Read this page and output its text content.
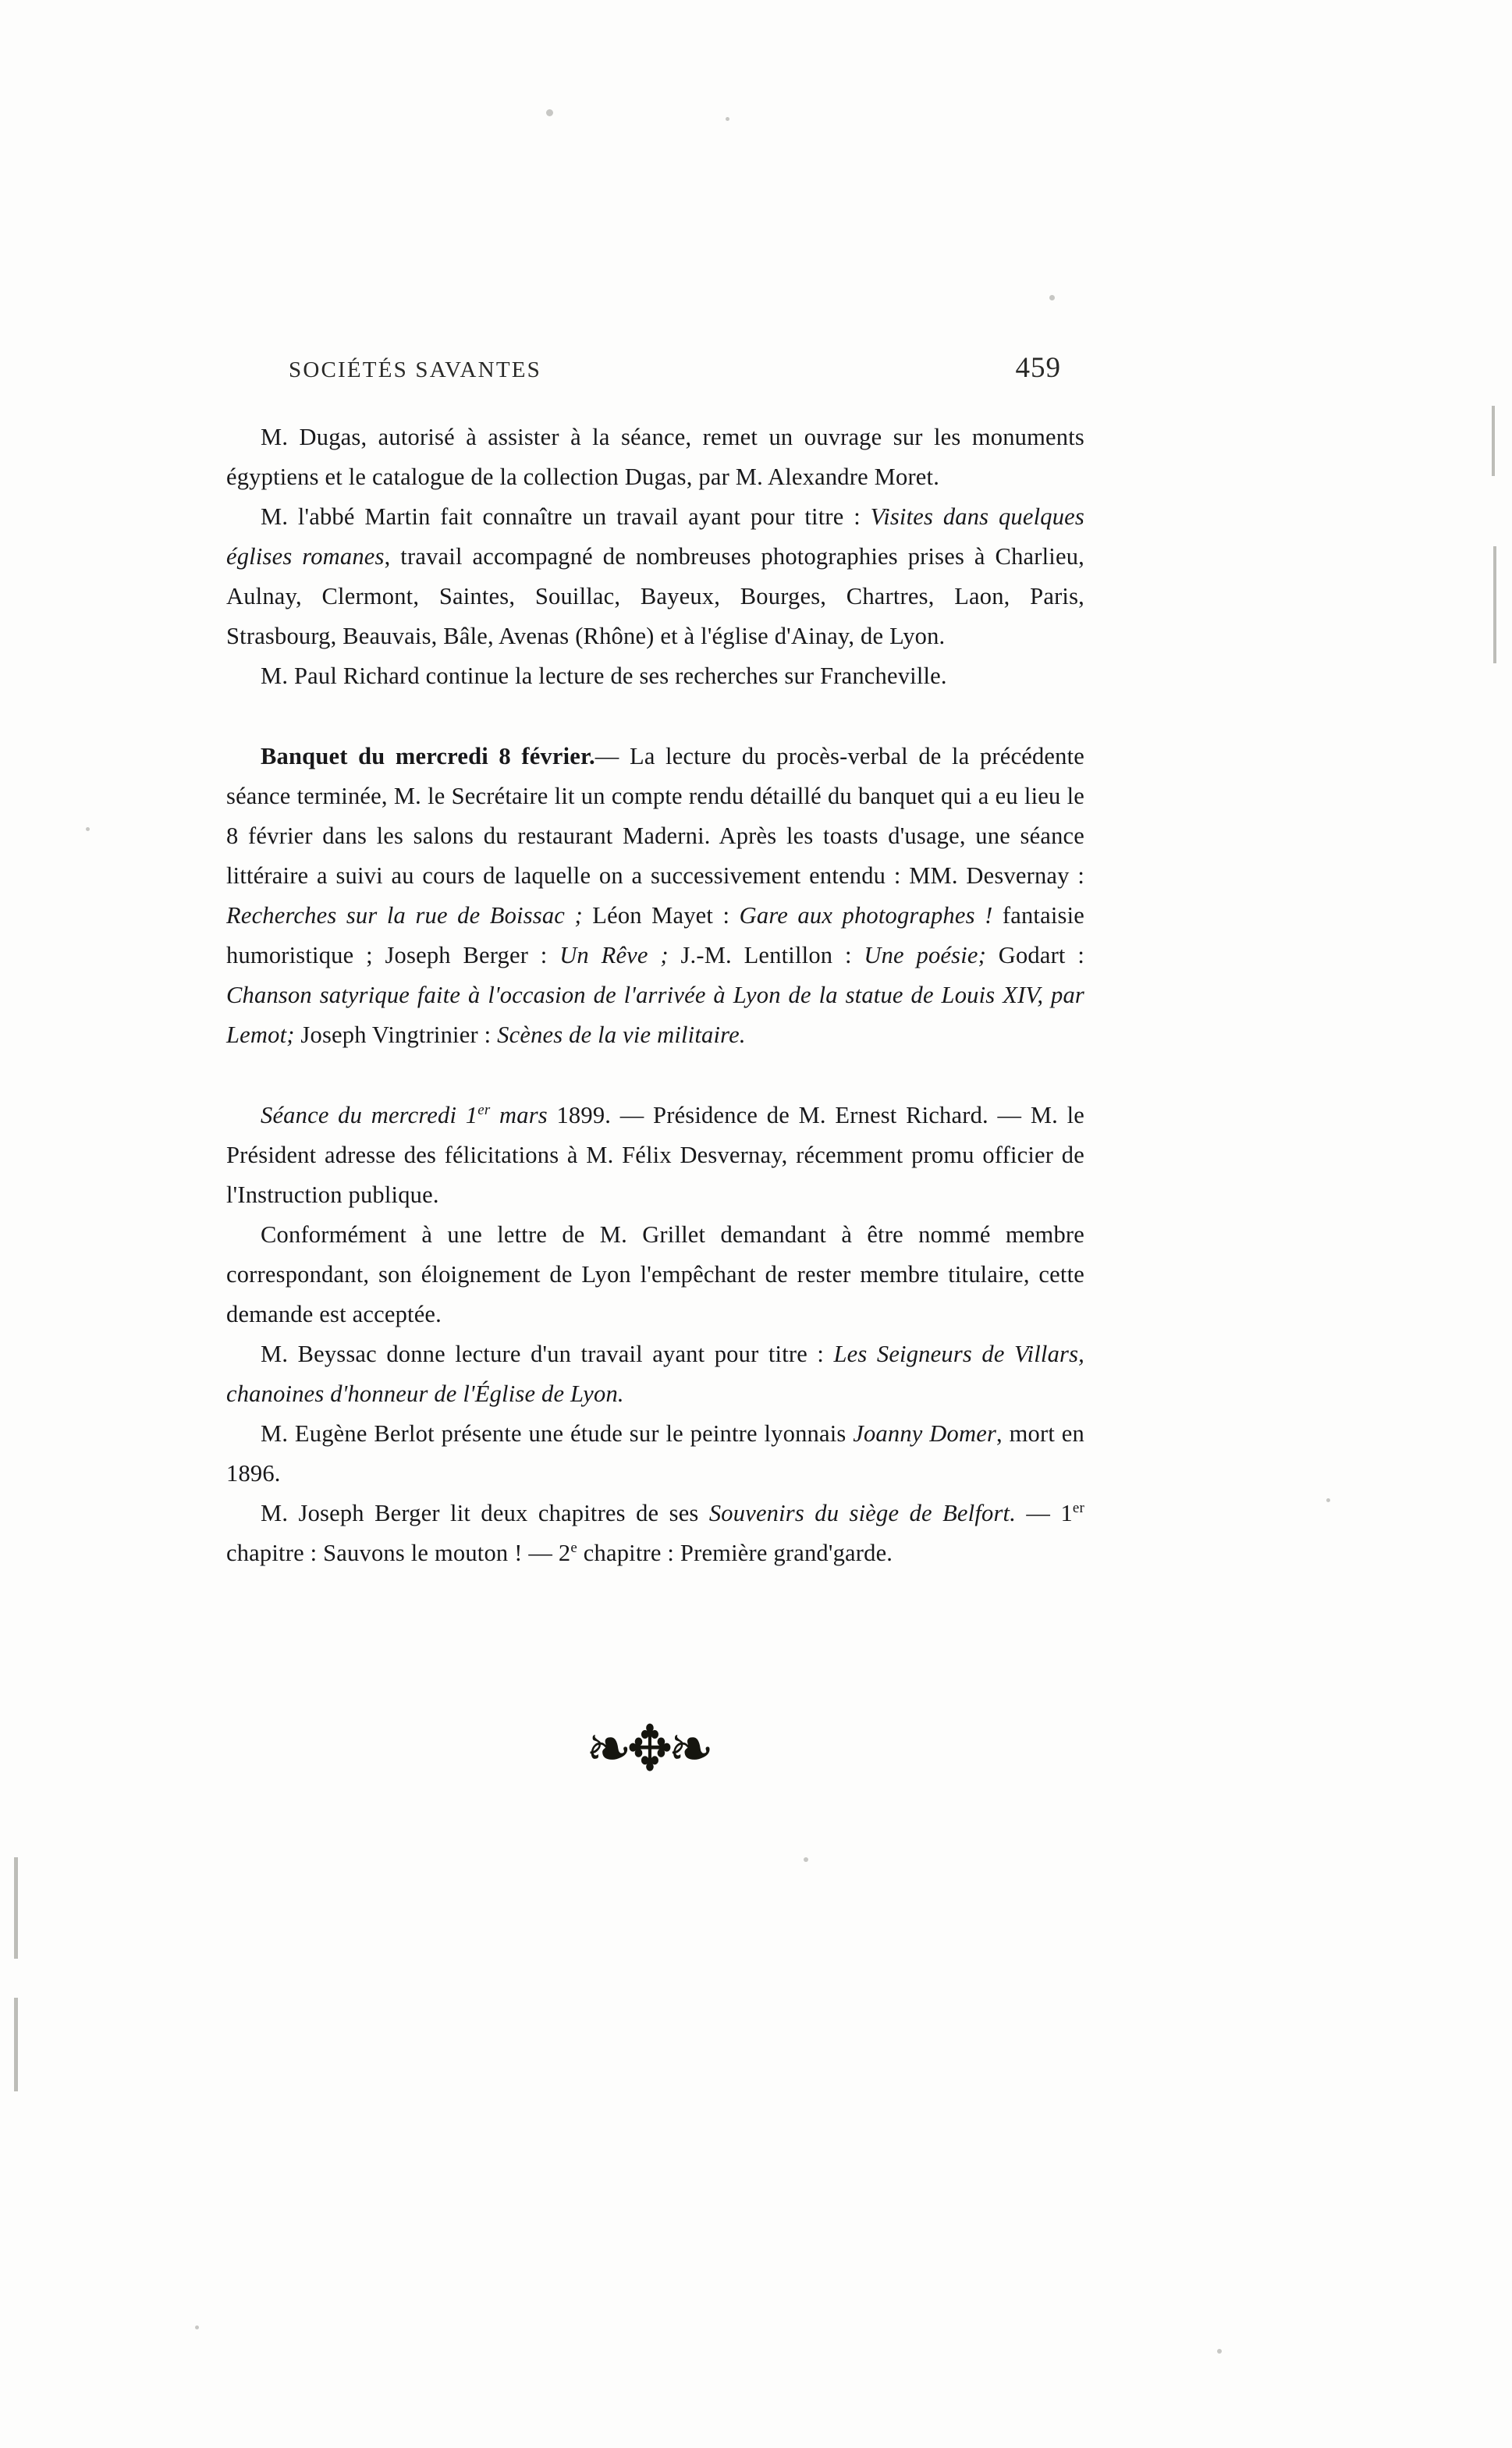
SOCIÉTÉS SAVANTES	459

M. Dugas, autorisé à assister à la séance, remet un ouvrage sur les monuments égyptiens et le catalogue de la collection Dugas, par M. Alexandre Moret.

M. l'abbé Martin fait connaître un travail ayant pour titre : Visites dans quelques églises romanes, travail accompagné de nombreuses photographies prises à Charlieu, Aulnay, Clermont, Saintes, Souillac, Bayeux, Bourges, Chartres, Laon, Paris, Strasbourg, Beauvais, Bâle, Avenas (Rhône) et à l'église d'Ainay, de Lyon.

M. Paul Richard continue la lecture de ses recherches sur Francheville.

Banquet du mercredi 8 février.— La lecture du procès-verbal de la précédente séance terminée, M. le Secrétaire lit un compte rendu détaillé du banquet qui a eu lieu le 8 février dans les salons du restaurant Maderni. Après les toasts d'usage, une séance littéraire a suivi au cours de laquelle on a successivement entendu : MM. Desvernay : Recherches sur la rue de Boissac ; Léon Mayet : Gare aux photographes ! fantaisie humoristique ; Joseph Berger : Un Rêve ; J.-M. Lentillon : Une poésie; Godart : Chanson satyrique faite à l'occasion de l'arrivée à Lyon de la statue de Louis XIV, par Lemot; Joseph Vingtrinier : Scènes de la vie militaire.

Séance du mercredi 1er mars 1899. — Présidence de M. Ernest Richard. — M. le Président adresse des félicitations à M. Félix Desvernay, récemment promu officier de l'Instruction publique.

Conformément à une lettre de M. Grillet demandant à être nommé membre correspondant, son éloignement de Lyon l'empêchant de rester membre titulaire, cette demande est acceptée.

M. Beyssac donne lecture d'un travail ayant pour titre : Les Seigneurs de Villars, chanoines d'honneur de l'Église de Lyon.

M. Eugène Berlot présente une étude sur le peintre lyonnais Joanny Domer, mort en 1896.

M. Joseph Berger lit deux chapitres de ses Souvenirs du siège de Belfort. — 1er chapitre : Sauvons le mouton ! — 2e chapitre : Première grand'garde.

❧✥❧
